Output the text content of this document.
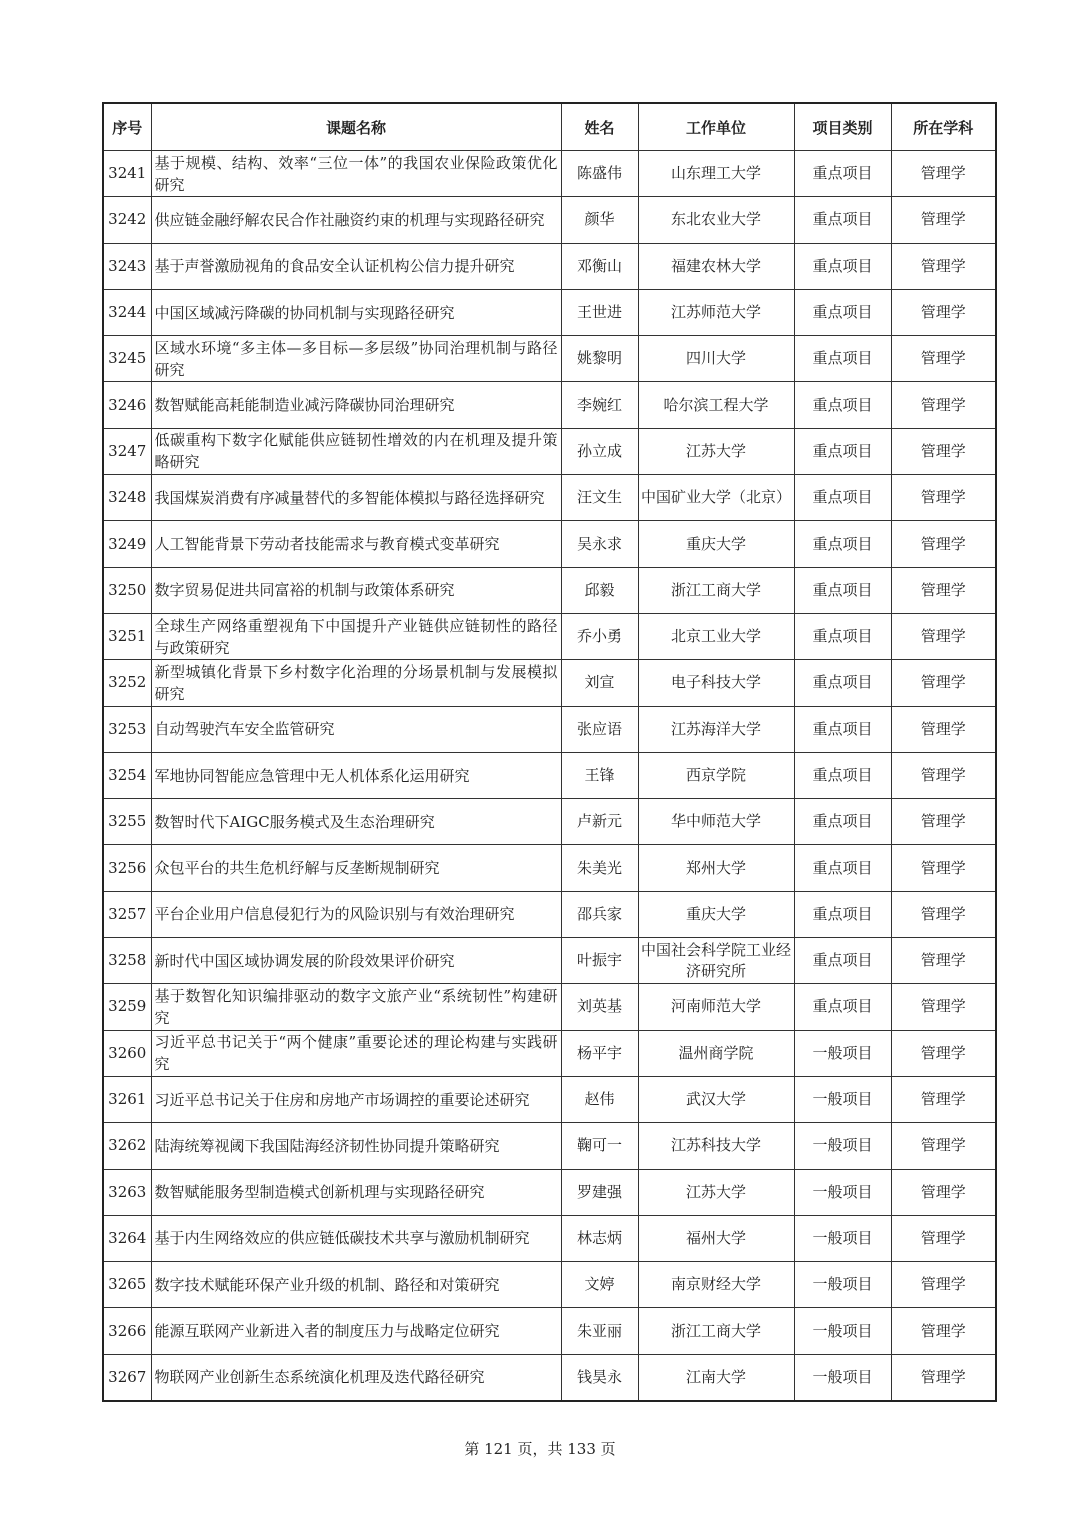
序号	课题名称	姓名	工作单位	项目类别	所在学科
3241	基于规模、结构、效率“三位一体”的我国农业保险政策优化研究	陈盛伟	山东理工大学	重点项目	管理学
3242	供应链金融纾解农民合作社融资约束的机理与实现路径研究	颜华	东北农业大学	重点项目	管理学
3243	基于声誉激励视角的食品安全认证机构公信力提升研究	邓衡山	福建农林大学	重点项目	管理学
3244	中国区域减污降碳的协同机制与实现路径研究	王世进	江苏师范大学	重点项目	管理学
3245	区域水环境“多主体—多目标—多层级”协同治理机制与路径研究	姚黎明	四川大学	重点项目	管理学
3246	数智赋能高耗能制造业减污降碳协同治理研究	李婉红	哈尔滨工程大学	重点项目	管理学
3247	低碳重构下数字化赋能供应链韧性增效的内在机理及提升策略研究	孙立成	江苏大学	重点项目	管理学
3248	我国煤炭消费有序减量替代的多智能体模拟与路径选择研究	汪文生	中国矿业大学（北京）	重点项目	管理学
3249	人工智能背景下劳动者技能需求与教育模式变革研究	吴永求	重庆大学	重点项目	管理学
3250	数字贸易促进共同富裕的机制与政策体系研究	邱毅	浙江工商大学	重点项目	管理学
3251	全球生产网络重塑视角下中国提升产业链供应链韧性的路径与政策研究	乔小勇	北京工业大学	重点项目	管理学
3252	新型城镇化背景下乡村数字化治理的分场景机制与发展模拟研究	刘宣	电子科技大学	重点项目	管理学
3253	自动驾驶汽车安全监管研究	张应语	江苏海洋大学	重点项目	管理学
3254	军地协同智能应急管理中无人机体系化运用研究	王锋	西京学院	重点项目	管理学
3255	数智时代下AIGC服务模式及生态治理研究	卢新元	华中师范大学	重点项目	管理学
3256	众包平台的共生危机纾解与反垄断规制研究	朱美光	郑州大学	重点项目	管理学
3257	平台企业用户信息侵犯行为的风险识别与有效治理研究	邵兵家	重庆大学	重点项目	管理学
3258	新时代中国区域协调发展的阶段效果评价研究	叶振宇	中国社会科学院工业经济研究所	重点项目	管理学
3259	基于数智化知识编排驱动的数字文旅产业“系统韧性”构建研究	刘英基	河南师范大学	重点项目	管理学
3260	习近平总书记关于“两个健康”重要论述的理论构建与实践研究	杨平宇	温州商学院	一般项目	管理学
3261	习近平总书记关于住房和房地产市场调控的重要论述研究	赵伟	武汉大学	一般项目	管理学
3262	陆海统筹视阈下我国陆海经济韧性协同提升策略研究	鞠可一	江苏科技大学	一般项目	管理学
3263	数智赋能服务型制造模式创新机理与实现路径研究	罗建强	江苏大学	一般项目	管理学
3264	基于内生网络效应的供应链低碳技术共享与激励机制研究	林志炳	福州大学	一般项目	管理学
3265	数字技术赋能环保产业升级的机制、路径和对策研究	文婷	南京财经大学	一般项目	管理学
3266	能源互联网产业新进入者的制度压力与战略定位研究	朱亚丽	浙江工商大学	一般项目	管理学
3267	物联网产业创新生态系统演化机理及迭代路径研究	钱昊永	江南大学	一般项目	管理学
第 121 页，共 133 页
